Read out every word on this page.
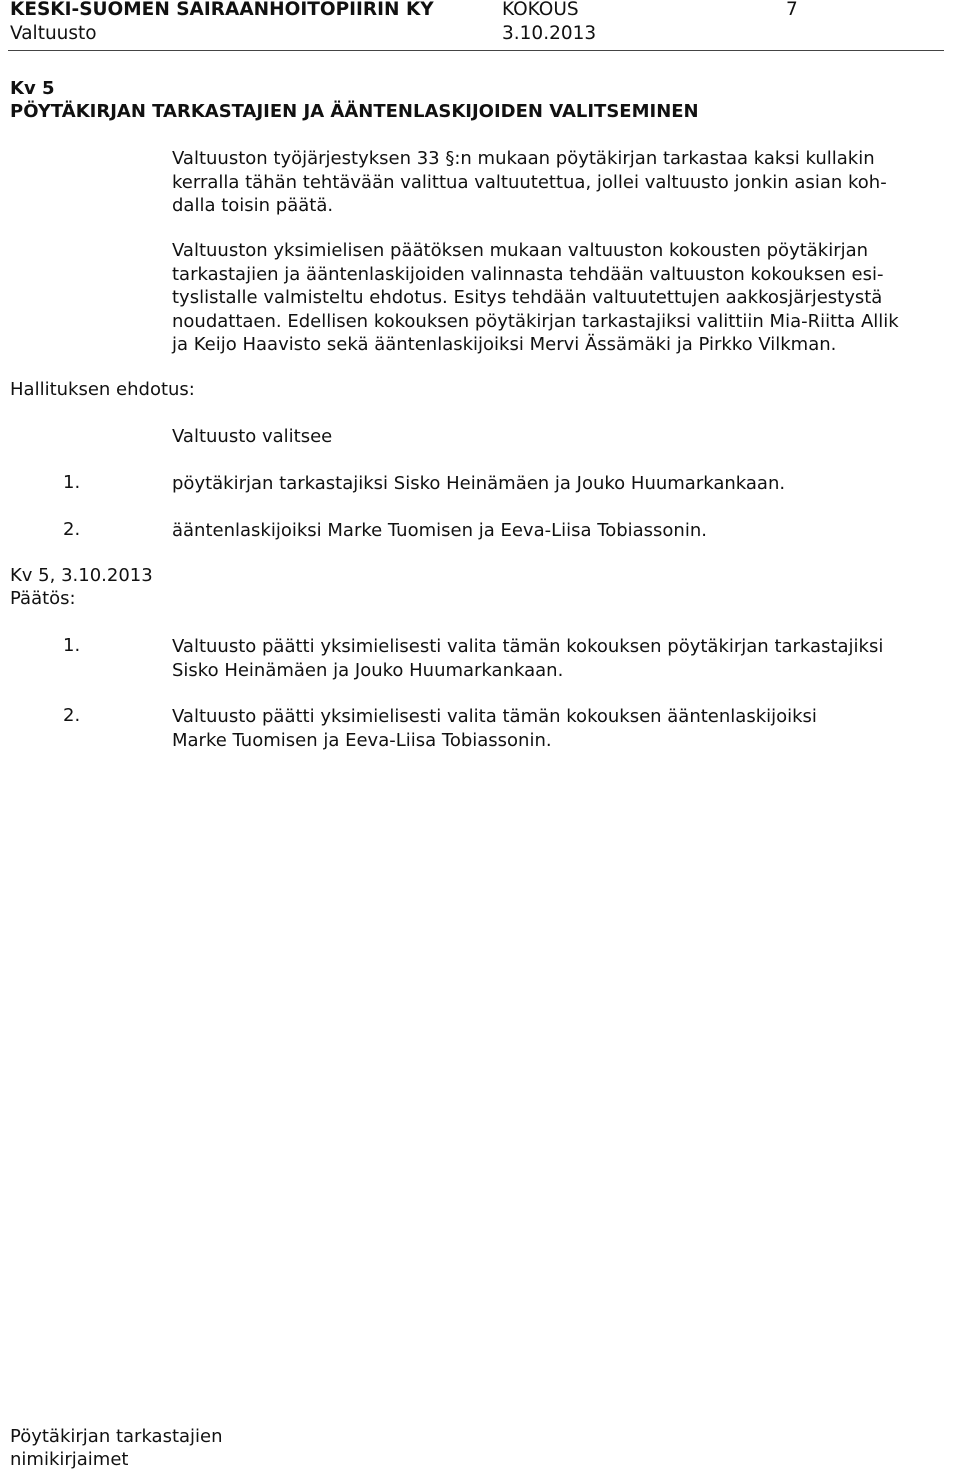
KESKI-SUOMEN SAIRAANHOITOPIIRIN KY	KOKOUS	7
Valtuusto	3.10.2013
Kv 5
PÖYTÄKIRJAN TARKASTAJIEN JA ÄÄNTENLASKIJOIDEN VALITSEMINEN
Valtuuston työjärjestyksen 33 §:n mukaan pöytäkirjan tarkastaa kaksi kullakin
kerralla tähän tehtävään valittua valtuutettua, jollei valtuusto jonkin asian koh-
dalla toisin päätä.
Valtuuston yksimielisen päätöksen mukaan valtuuston kokousten pöytäkirjan
tarkastajien ja ääntenlaskijoiden valinnasta tehdään valtuuston kokouksen esi-
tyslistalle valmisteltu ehdotus. Esitys tehdään valtuutettujen aakkosjärjestystä
noudattaen. Edellisen kokouksen pöytäkirjan tarkastajiksi valittiin Mia-Riitta Allik
ja Keijo Haavisto sekä ääntenlaskijoiksi Mervi Ässämäki ja Pirkko Vilkman.
Hallituksen ehdotus:
Valtuusto valitsee
1.	pöytäkirjan tarkastajiksi Sisko Heinämäen ja Jouko Huumarkankaan.
2.	ääntenlaskijoiksi Marke Tuomisen ja Eeva-Liisa Tobiassonin.
Kv 5, 3.10.2013
Päätös:
1.	Valtuusto päätti yksimielisesti valita tämän kokouksen pöytäkirjan tarkastajiksi
Sisko Heinämäen ja Jouko Huumarkankaan.
2.	Valtuusto päätti yksimielisesti valita tämän kokouksen ääntenlaskijoiksi
Marke Tuomisen ja Eeva-Liisa Tobiassonin.
Pöytäkirjan tarkastajien
nimikirjaimet
